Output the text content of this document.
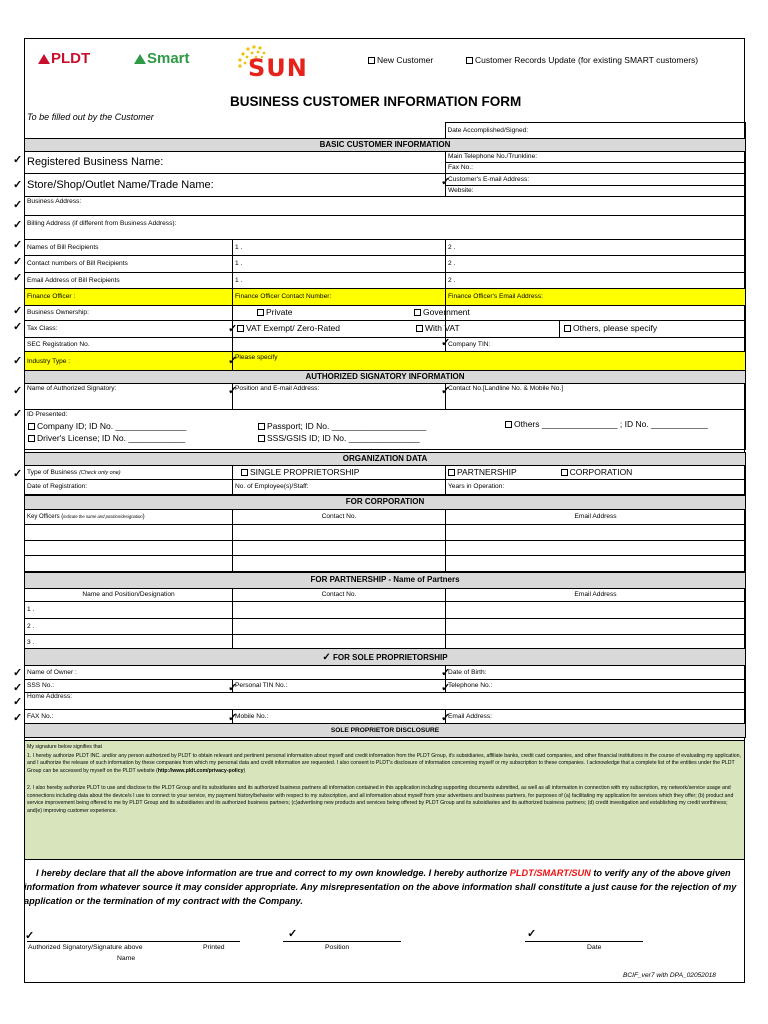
PLDT	Smart SUN	New Customer	Customer Records Update (for existing SMART customers)
BUSINESS CUSTOMER INFORMATION FORM
To be filled out by the Customer
	Date Accomplished/Signed:
BASIC CUSTOMER INFORMATION			
Registered Business Name:		Main Telephone No./Trunkline:	
		Fax No.:	
Store/Shop/Outlet Name/Trade Name:		Customer's E-mail Address:	
		Website:	
Business Address:			
Billing Address (if different from Business Address):			
Names of Bill Recipients	1 .	2 .	
Contact numbers of Bill Recipients	1 .	2 .	
Email Address of Bill Recipients	1 .	2 .	
Finance Officer :	Finance Officer Contact Number:	Finance Officer's Email Address:	
Business Ownership:	Private	Government	
Tax Class:	VAT Exempt/ Zero-Rated	With VAT	Others, please specify
SEC Registration No.		Company TIN:	
Industry Type :	Please specify		
AUTHORIZED SIGNATORY INFORMATION
Name of Authorized Signatory:	Position and E-mail Address:	Contact No.[Landline No. & Mobile No.]

ID Presented:
Company ID; ID No. _______________
Driver's License; ID No. ____________
Passport; ID No. ____________________
SSS/GSIS ID; ID No. _______________
Others ________________ ; ID No. ____________
ORGANIZATION DATA		
Type of Business (Check only one)	SINGLE PROPRIETORSHIP	PARTNERSHIP CORPORATION
Date of Registration:	No. of Employee(s)/Staff:	Years in Operation:
FOR CORPORATION		
Key Officers (indicate the name and position/designation)	Contact No.	Email Address

FOR PARTNERSHIP - Name of Partners		
Name and Position/Designation	Contact No.	Email Address
1 .		
2 .		
3 .		
✓ FOR SOLE PROPRIETORSHIP		
Name of Owner :		Date of Birth:
SSS No.:	Personal TIN No.:	Telephone No.:
Home Address:		
FAX No.:	Mobile No.:	Email Address:
SOLE PROPRIETOR DISCLOSURE		

My signature below signifies that

1. I hereby authorize PLDT INC. and/or any person authorized by PLDT to obtain relevant and pertinent personal information about myself and credit information from the PLDT Group, it's subsidiaries, affiliate banks, credit card companies, and other financial institutions in the course of evaluating my application, and I authorize the release of such information by these companies from which my personal data and credit information are requested. I also consent to PLDT's disclosure of information concerning myself or my subscription to these companies. I acknowledge that a complete list of the entities under the PLDT Group can be accessed by myself on the PLDT website (http://www.pldt.com/privacy-policy)

2. I also hereby authorize PLDT to use and disclose to the PLDT Group and its subsidiaries and its authorized business partners all information contained in this application including supporting documents submitted, as well as all information in connection with my subscription, my network/service usage and connections including data about the device/s I use to connect to your service, my payment history/behavior with respect to my subscription, and all information about myself from your advertisers and business partners, for purposes of (a) facilitating my application for services which they offer; (b) product and service improvement being offered to me by PLDT Group and its subsidiaries and its authorized business partners; (c)advertising new products and services being offered by PLDT Group and its subsidiaries and its authorized business partners; (d) credit investigation and establishing my credit worthiness; and(e) improving customer experience.

I hereby declare that all the above information are true and correct to my own knowledge. I hereby authorize PLDT/SMART/SUN to verify any of the above given information from whatever source it may consider appropriate. Any misrepresentation on the above information shall constitute a just cause for the rejection of my application or the termination of my contract with the Company.
Authorized Signatory/Signature above	Printed
Name
Position	Date
BCIF_ver7 with DPA_02052018
✓
✓
✓
✓
✓
✓
✓
✓
✓
✓
✓
✓
✓
✓
✓
✓
✓
✓
✓
✓
✓
✓
✓
✓
✓
✓
✓
✓
✓	✓	✓
